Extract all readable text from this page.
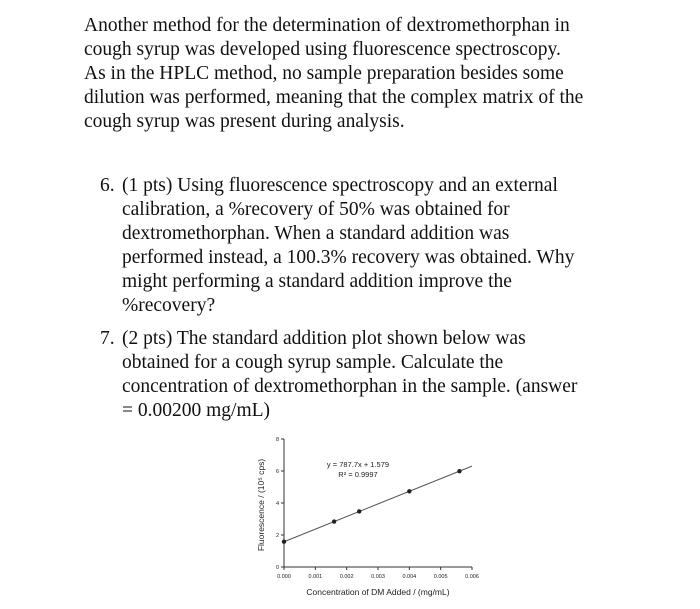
Another method for the determination of dextromethorphan in
cough syrup was developed using fluorescence spectroscopy.
As in the HPLC method, no sample preparation besides some
dilution was performed, meaning that the complex matrix of the
cough syrup was present during analysis.
6. (1 pts) Using fluorescence spectroscopy and an external
calibration, a %recovery of 50% was obtained for
dextromethorphan. When a standard addition was
performed instead, a 100.3% recovery was obtained. Why
might performing a standard addition improve the
%recovery?
7. (2 pts) The standard addition plot shown below was
obtained for a cough syrup sample. Calculate the
concentration of dextromethorphan in the sample. (answer
= 0.00200 mg/mL)
0.000	0.001	0.002	0.003	0.004	0.005	0.006
0
2
4
6
8
y = 787.7x + 1.579
R² = 0.9997
Fluorescence / (10⁵ cps)
Concentration of DM Added / (mg/mL)
